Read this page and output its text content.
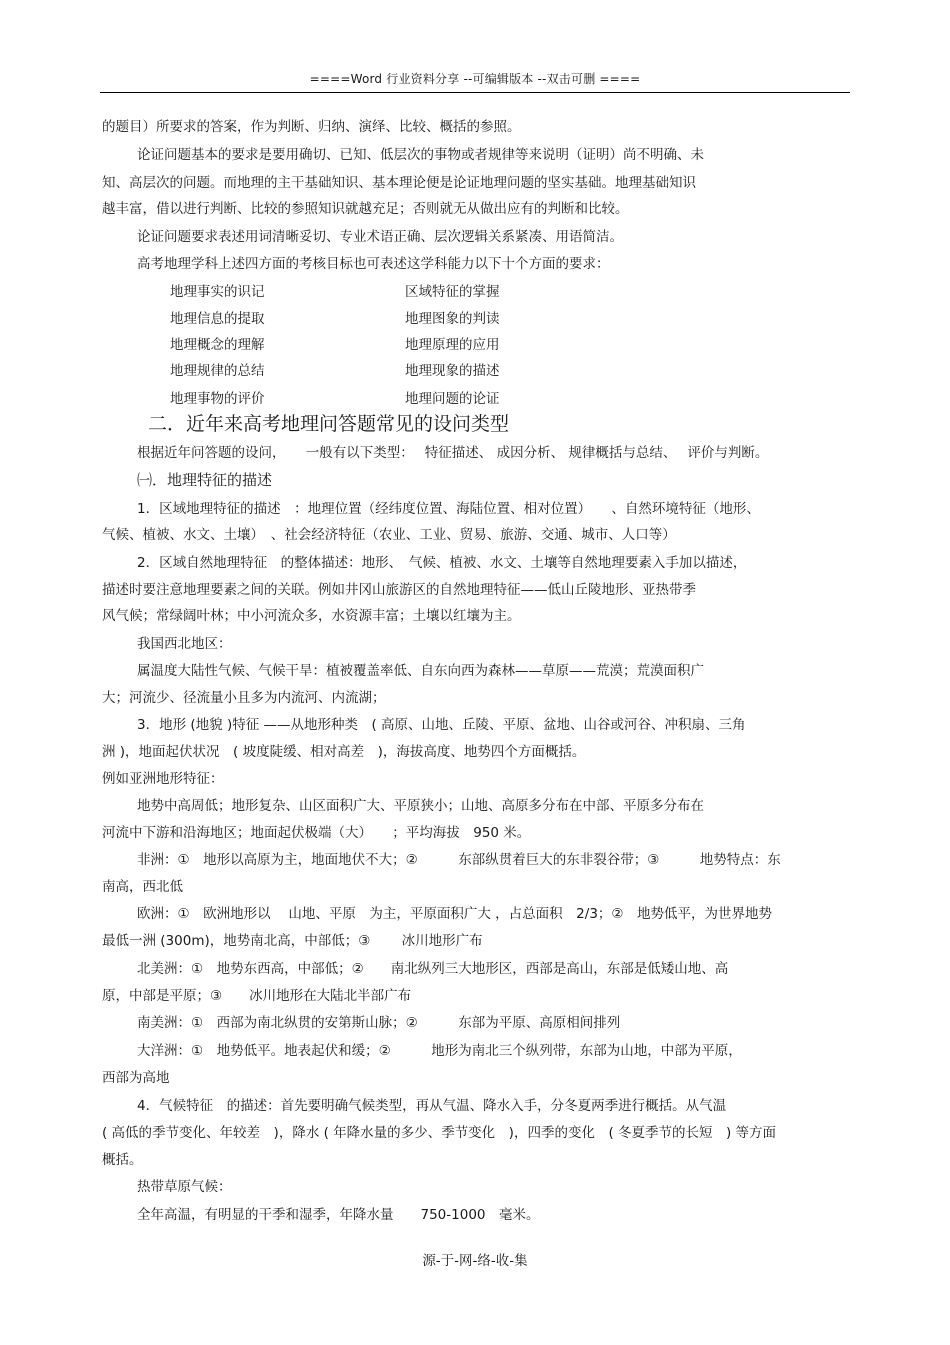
====Word 行业资料分享 --可编辑版本 --双击可删 ====
的题目）所要求的答案，作为判断、归纳、演绎、比较、概括的参照。
论证问题基本的要求是要用确切、已知、低层次的事物或者规律等来说明（证明）尚不明确、未
知、高层次的问题。而地理的主干基础知识、基本理论便是论证地理问题的坚实基础。地理基础知识
越丰富，借以进行判断、比较的参照知识就越充足；否则就无从做出应有的判断和比较。
论证问题要求表述用词清晰妥切、专业术语正确、层次逻辑关系紧凑、用语简洁。
高考地理学科上述四方面的考核目标也可表述这学科能力以下十个方面的要求：
地理事实的识记	区域特征的掌握
地理信息的提取	地理图象的判读
地理概念的理解	地理原理的应用
地理规律的总结	地理现象的描述
地理事物的评价	地理问题的论证
二．近年来高考地理问答题常见的设问类型
根据近年问答题的设问，　　一般有以下类型：　 特征描述、 成因分析、 规律概括与总结、　 评价与判断。
㈠．地理特征的描述
1．区域地理特征的描述　：地理位置（经纬度位置、海陆位置、相对位置）　　、自然环境特征（地形、
气候、植被、水文、土壤）　、社会经济特征（农业、工业、贸易、旅游、交通、城市、人口等）
2．区域自然地理特征　的整体描述：地形、　气候、植被、水文、土壤等自然地理要素入手加以描述，
描述时要注意地理要素之间的关联。例如井冈山旅游区的自然地理特征——低山丘陵地形、亚热带季
风气候；常绿阔叶林；中小河流众多，水资源丰富；土壤以红壤为主。
我国西北地区：
属温度大陆性气候、气候干旱：植被覆盖率低、自东向西为森林——草原——荒漠；荒漠面积广
大；河流少、径流量小且多为内流河、内流湖；
3．地形 (地貌 )特征 ——从地形种类　( 高原、山地、丘陵、平原、盆地、山谷或河谷、冲积扇、三角
洲 )，地面起伏状况　( 坡度陡缓、相对高差　)，海拔高度、地势四个方面概括。
例如亚洲地形特征：
地势中高周低；地形复杂、山区面积广大、平原狭小；山地、高原多分布在中部、平原多分布在
河流中下游和沿海地区；地面起伏极端（大）　　；平均海拔　950 米。
非洲：①　地形以高原为主，地面地伏不大；②　　　东部纵贯着巨大的东非裂谷带；③　　　地势特点：东
南高，西北低
欧洲：①　欧洲地形以　 山地、平原　为主，平原面积广大 ，占总面积　2/3；②　地势低平，为世界地势
最低一洲 (300m)，地势南北高，中部低；③　　 冰川地形广布
北美洲：①　地势东西高，中部低；②　　南北纵列三大地形区，西部是高山，东部是低矮山地、高
原，中部是平原；③　　冰川地形在大陆北半部广布
南美洲：①　西部为南北纵贯的安第斯山脉；②　　　东部为平原、高原相间排列
大洋洲：①　地势低平。地表起伏和缓；②　　　地形为南北三个纵列带，东部为山地，中部为平原，
西部为高地
4．气候特征　的描述：首先要明确气候类型，再从气温、降水入手，分冬夏两季进行概括。从气温
( 高低的季节变化、年较差　)，降水 ( 年降水量的多少、季节变化　)，四季的变化　( 冬夏季节的长短　) 等方面
概括。
热带草原气候：
全年高温，有明显的干季和湿季，年降水量　　750-1000　毫米。
源-于-网-络-收-集
